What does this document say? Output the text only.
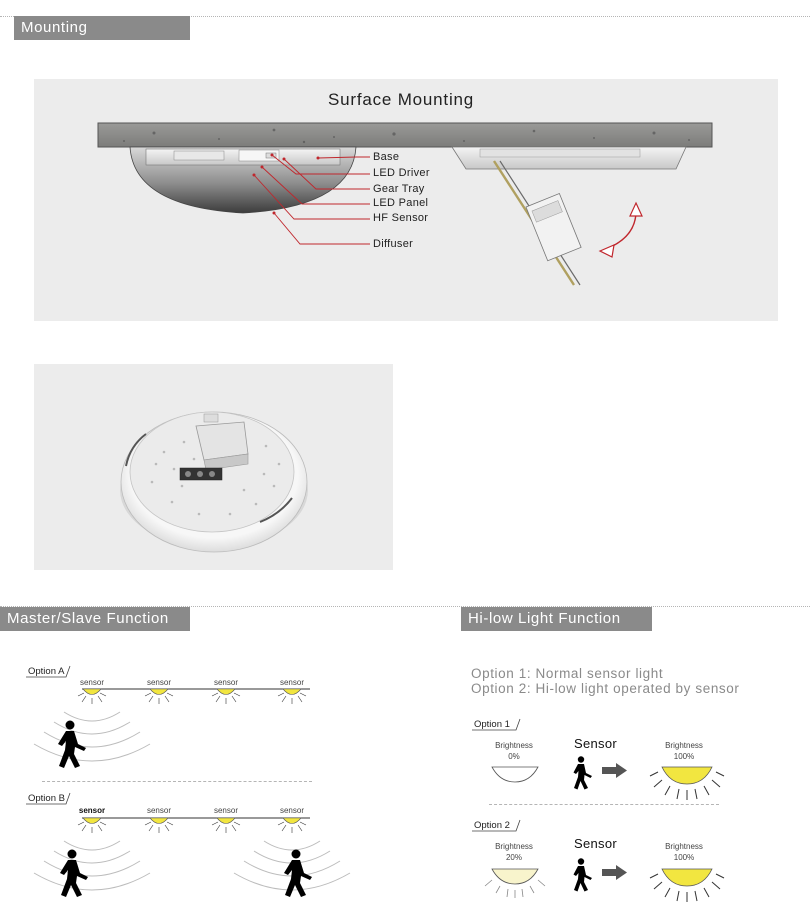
Mounting
Surface Mounting
Base
LED Driver
Gear Tray
LED Panel
HF Sensor
Diffuser
Master/Slave Function
Option A
sensor	sensor	sensor	sensor
Option B
sensor	sensor	sensor	sensor
Hi-low Light Function
Option 1: Normal sensor light
Option 2: Hi-low light operated by sensor
Option 1
Brightness
0%
Sensor	Brightness
100%
Option 2
Brightness
20%
Sensor	Brightness
100%
